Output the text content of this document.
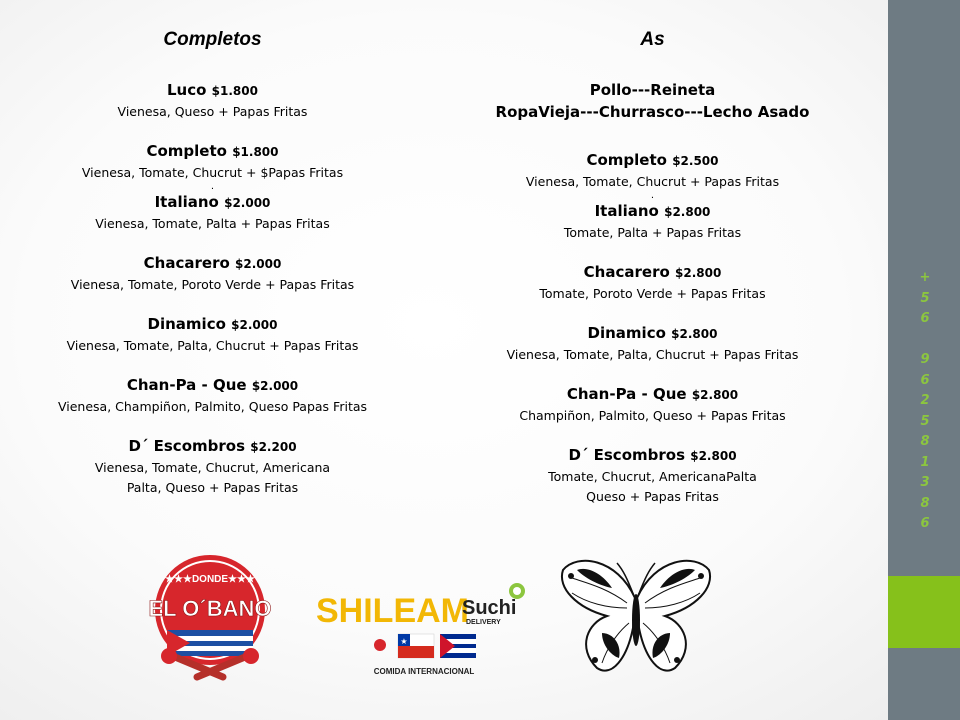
Completos
Luco $1.800
Vienesa, Queso + Papas Fritas
Completo $1.800
Vienesa, Tomate, Chucrut + $Papas Fritas
.
Italiano $2.000
Vienesa, Tomate, Palta + Papas Fritas
Chacarero $2.000
Vienesa, Tomate, Poroto Verde + Papas Fritas
Dinamico $2.000
Vienesa, Tomate, Palta, Chucrut + Papas Fritas
Chan-Pa - Que $2.000
Vienesa, Champiñon, Palmito, Queso Papas Fritas
D´ Escombros $2.200
Vienesa, Tomate, Chucrut, Americana
Palta, Queso + Papas Fritas
As
Pollo---Reineta
RopaVieja---Churrasco---Lecho Asado
Completo $2.500
Vienesa, Tomate, Chucrut + Papas Fritas
.
Italiano $2.800
Tomate, Palta + Papas Fritas
Chacarero $2.800
Tomate, Poroto Verde + Papas Fritas
Dinamico $2.800
Vienesa, Tomate, Palta, Chucrut + Papas Fritas
Chan-Pa - Que $2.800
Champiñon, Palmito, Queso + Papas Fritas
D´ Escombros $2.800
Tomate, Chucrut, AmericanaPalta
Queso + Papas Fritas
+
5
6

9
6
2
5
8
1
3
8
6
★★★DONDE★★★
EL O´BANO SHILEAM
Suchi
DELIVERY
★
COMIDA INTERNACIONAL
